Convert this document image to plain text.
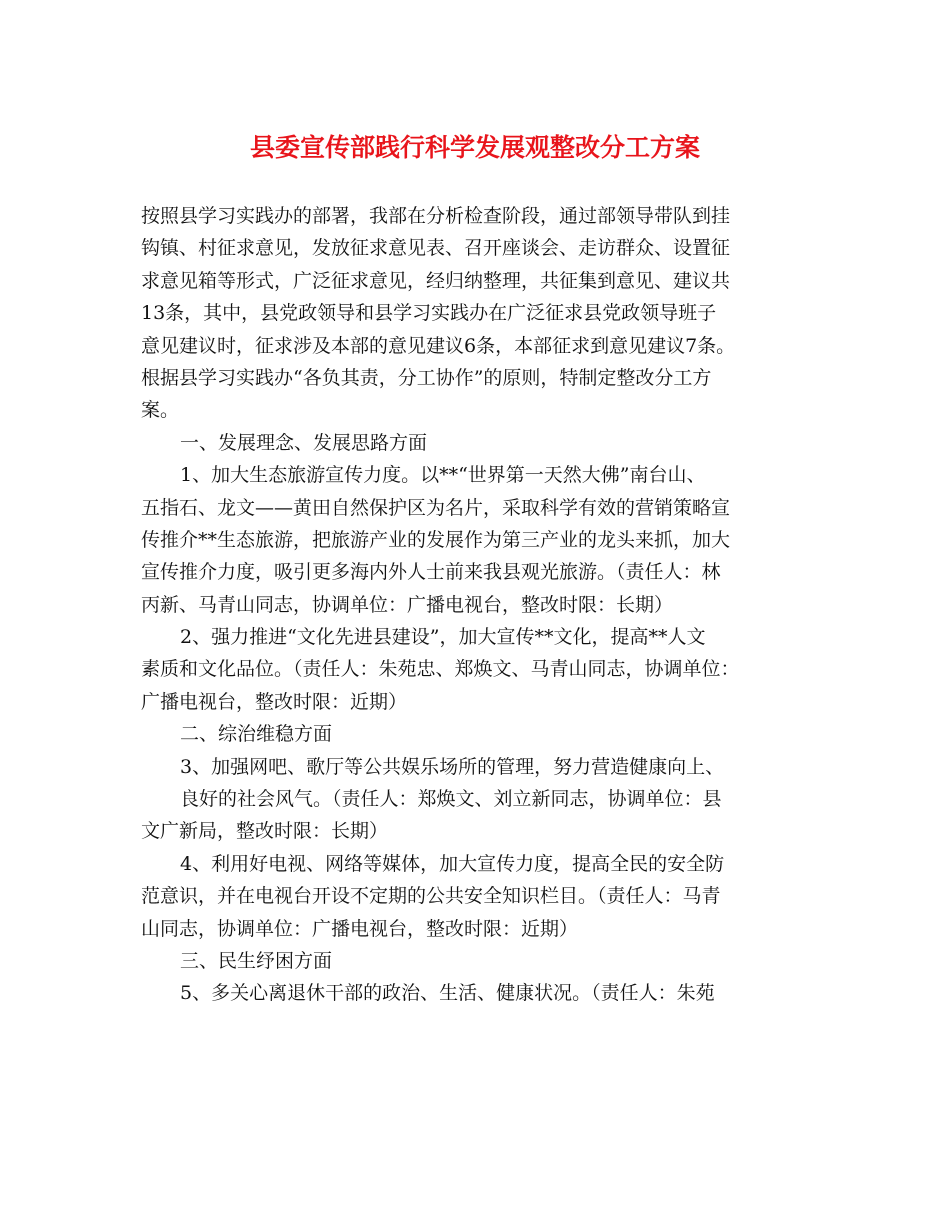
县委宣传部践行科学发展观整改分工方案
按照县学习实践办的部署，我部在分析检查阶段，通过部领导带队到挂
钩镇、村征求意见，发放征求意见表、召开座谈会、走访群众、设置征
求意见箱等形式，广泛征求意见，经归纳整理，共征集到意见、建议共
13条，其中，县党政领导和县学习实践办在广泛征求县党政领导班子
意见建议时，征求涉及本部的意见建议6条，本部征求到意见建议7条。
根据县学习实践办“各负其责，分工协作”的原则，特制定整改分工方
案。
一、发展理念、发展思路方面
1、加大生态旅游宣传力度。以**“世界第一天然大佛”南台山、
五指石、龙文——黄田自然保护区为名片，采取科学有效的营销策略宣
传推介**生态旅游，把旅游产业的发展作为第三产业的龙头来抓，加大
宣传推介力度，吸引更多海内外人士前来我县观光旅游。（责任人：林
丙新、马青山同志，协调单位：广播电视台，整改时限：长期）
2、强力推进“文化先进县建设”，加大宣传**文化，提高**人文
素质和文化品位。（责任人：朱苑忠、郑焕文、马青山同志，协调单位：
广播电视台，整改时限：近期）
二、综治维稳方面
3、加强网吧、歌厅等公共娱乐场所的管理，努力营造健康向上、
良好的社会风气。（责任人：郑焕文、刘立新同志，协调单位：县
文广新局，整改时限：长期）
4、利用好电视、网络等媒体，加大宣传力度，提高全民的安全防
范意识，并在电视台开设不定期的公共安全知识栏目。（责任人：马青
山同志，协调单位：广播电视台，整改时限：近期）
三、民生纾困方面
5、多关心离退休干部的政治、生活、健康状况。（责任人：朱苑
